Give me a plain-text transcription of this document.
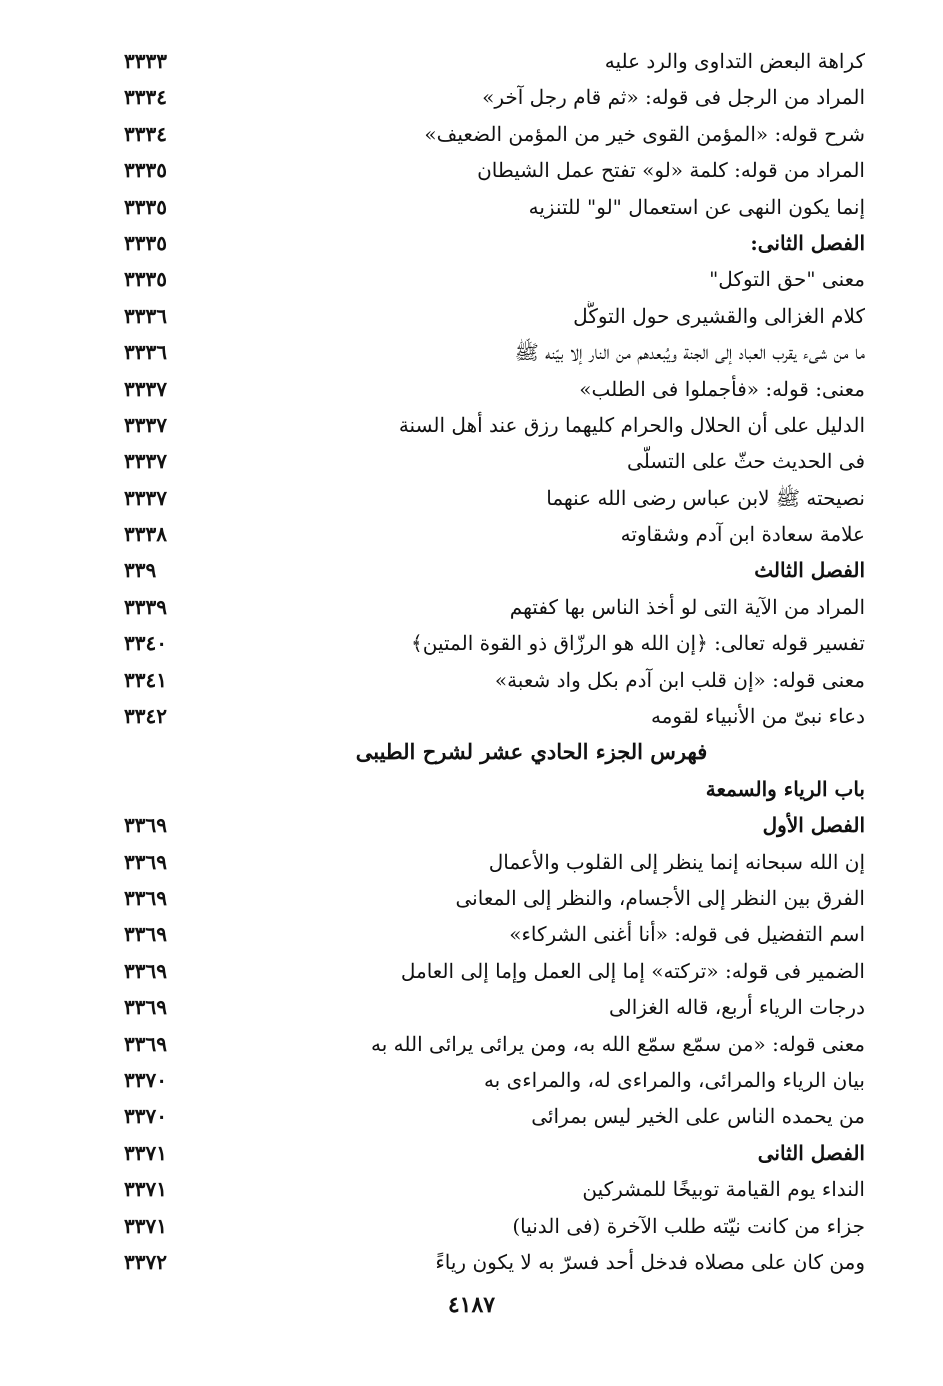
كراهة البعض التداوى والرد عليه
٣٣٣٣
المراد من الرجل فى قوله: «ثم قام رجل آخر»
٣٣٣٤
شرح قوله: «المؤمن القوى خير من المؤمن الضعيف»
٣٣٣٤
المراد من قوله: كلمة «لو» تفتح عمل الشيطان
٣٣٣٥
إنما يكون النهى عن استعمال "لو" للتنزيه
٣٣٣٥
الفصل الثانى:
٣٣٣٥
معنى "حق التوكل"
٣٣٣٥
كلام الغزالى والقشيرى حول التوكُّل
٣٣٣٦
ما من شىء يقرب العباد إلى الجنة ويُبعدهم من النار إلا بيّنه ﷺ
٣٣٣٦
معنى: قوله: «فأجملوا فى الطلب»
٣٣٣٧
الدليل على أن الحلال والحرام كليهما رزق عند أهل السنة
٣٣٣٧
فى الحديث حثّ على التسلّى
٣٣٣٧
نصيحته ﷺ لابن عباس رضى الله عنهما
٣٣٣٧
علامة سعادة ابن آدم وشقاوته
٣٣٣٨
الفصل الثالث
٣٣٩
المراد من الآية التى لو أخذ الناس بها كفتهم
٣٣٣٩
تفسير قوله تعالى: ﴿إن الله هو الرزّاق ذو القوة المتين﴾
٣٣٤٠
معنى قوله: «إن قلب ابن آدم بكل واد شعبة»
٣٣٤١
دعاء نبىّ من الأنبياء لقومه
٣٣٤٢
فهرس الجزء الحادي عشر لشرح الطيبى
باب الرياء والسمعة
الفصل الأول
٣٣٦٩
إن الله سبحانه إنما ينظر إلى القلوب والأعمال
٣٣٦٩
الفرق بين النظر إلى الأجسام، والنظر إلى المعانى
٣٣٦٩
اسم التفضيل فى قوله: «أنا أغنى الشركاء»
٣٣٦٩
الضمير فى قوله: «تركته» إما إلى العمل وإما إلى العامل
٣٣٦٩
درجات الرياء أربع، قاله الغزالى
٣٣٦٩
معنى قوله: «من سمّع سمّع الله به، ومن يرائى يرائى الله به
٣٣٦٩
بيان الرياء والمرائى، والمراءى له، والمراءى به
٣٣٧٠
من يحمده الناس على الخير ليس بمرائى
٣٣٧٠
الفصل الثانى
٣٣٧١
النداء يوم القيامة توبيخًا للمشركين
٣٣٧١
جزاء من كانت نيّته طلب الآخرة (فى الدنيا)
٣٣٧١
ومن كان على مصلاه فدخل أحد فسرّ به لا يكون رياءً
٣٣٧٢
٤١٨٧
